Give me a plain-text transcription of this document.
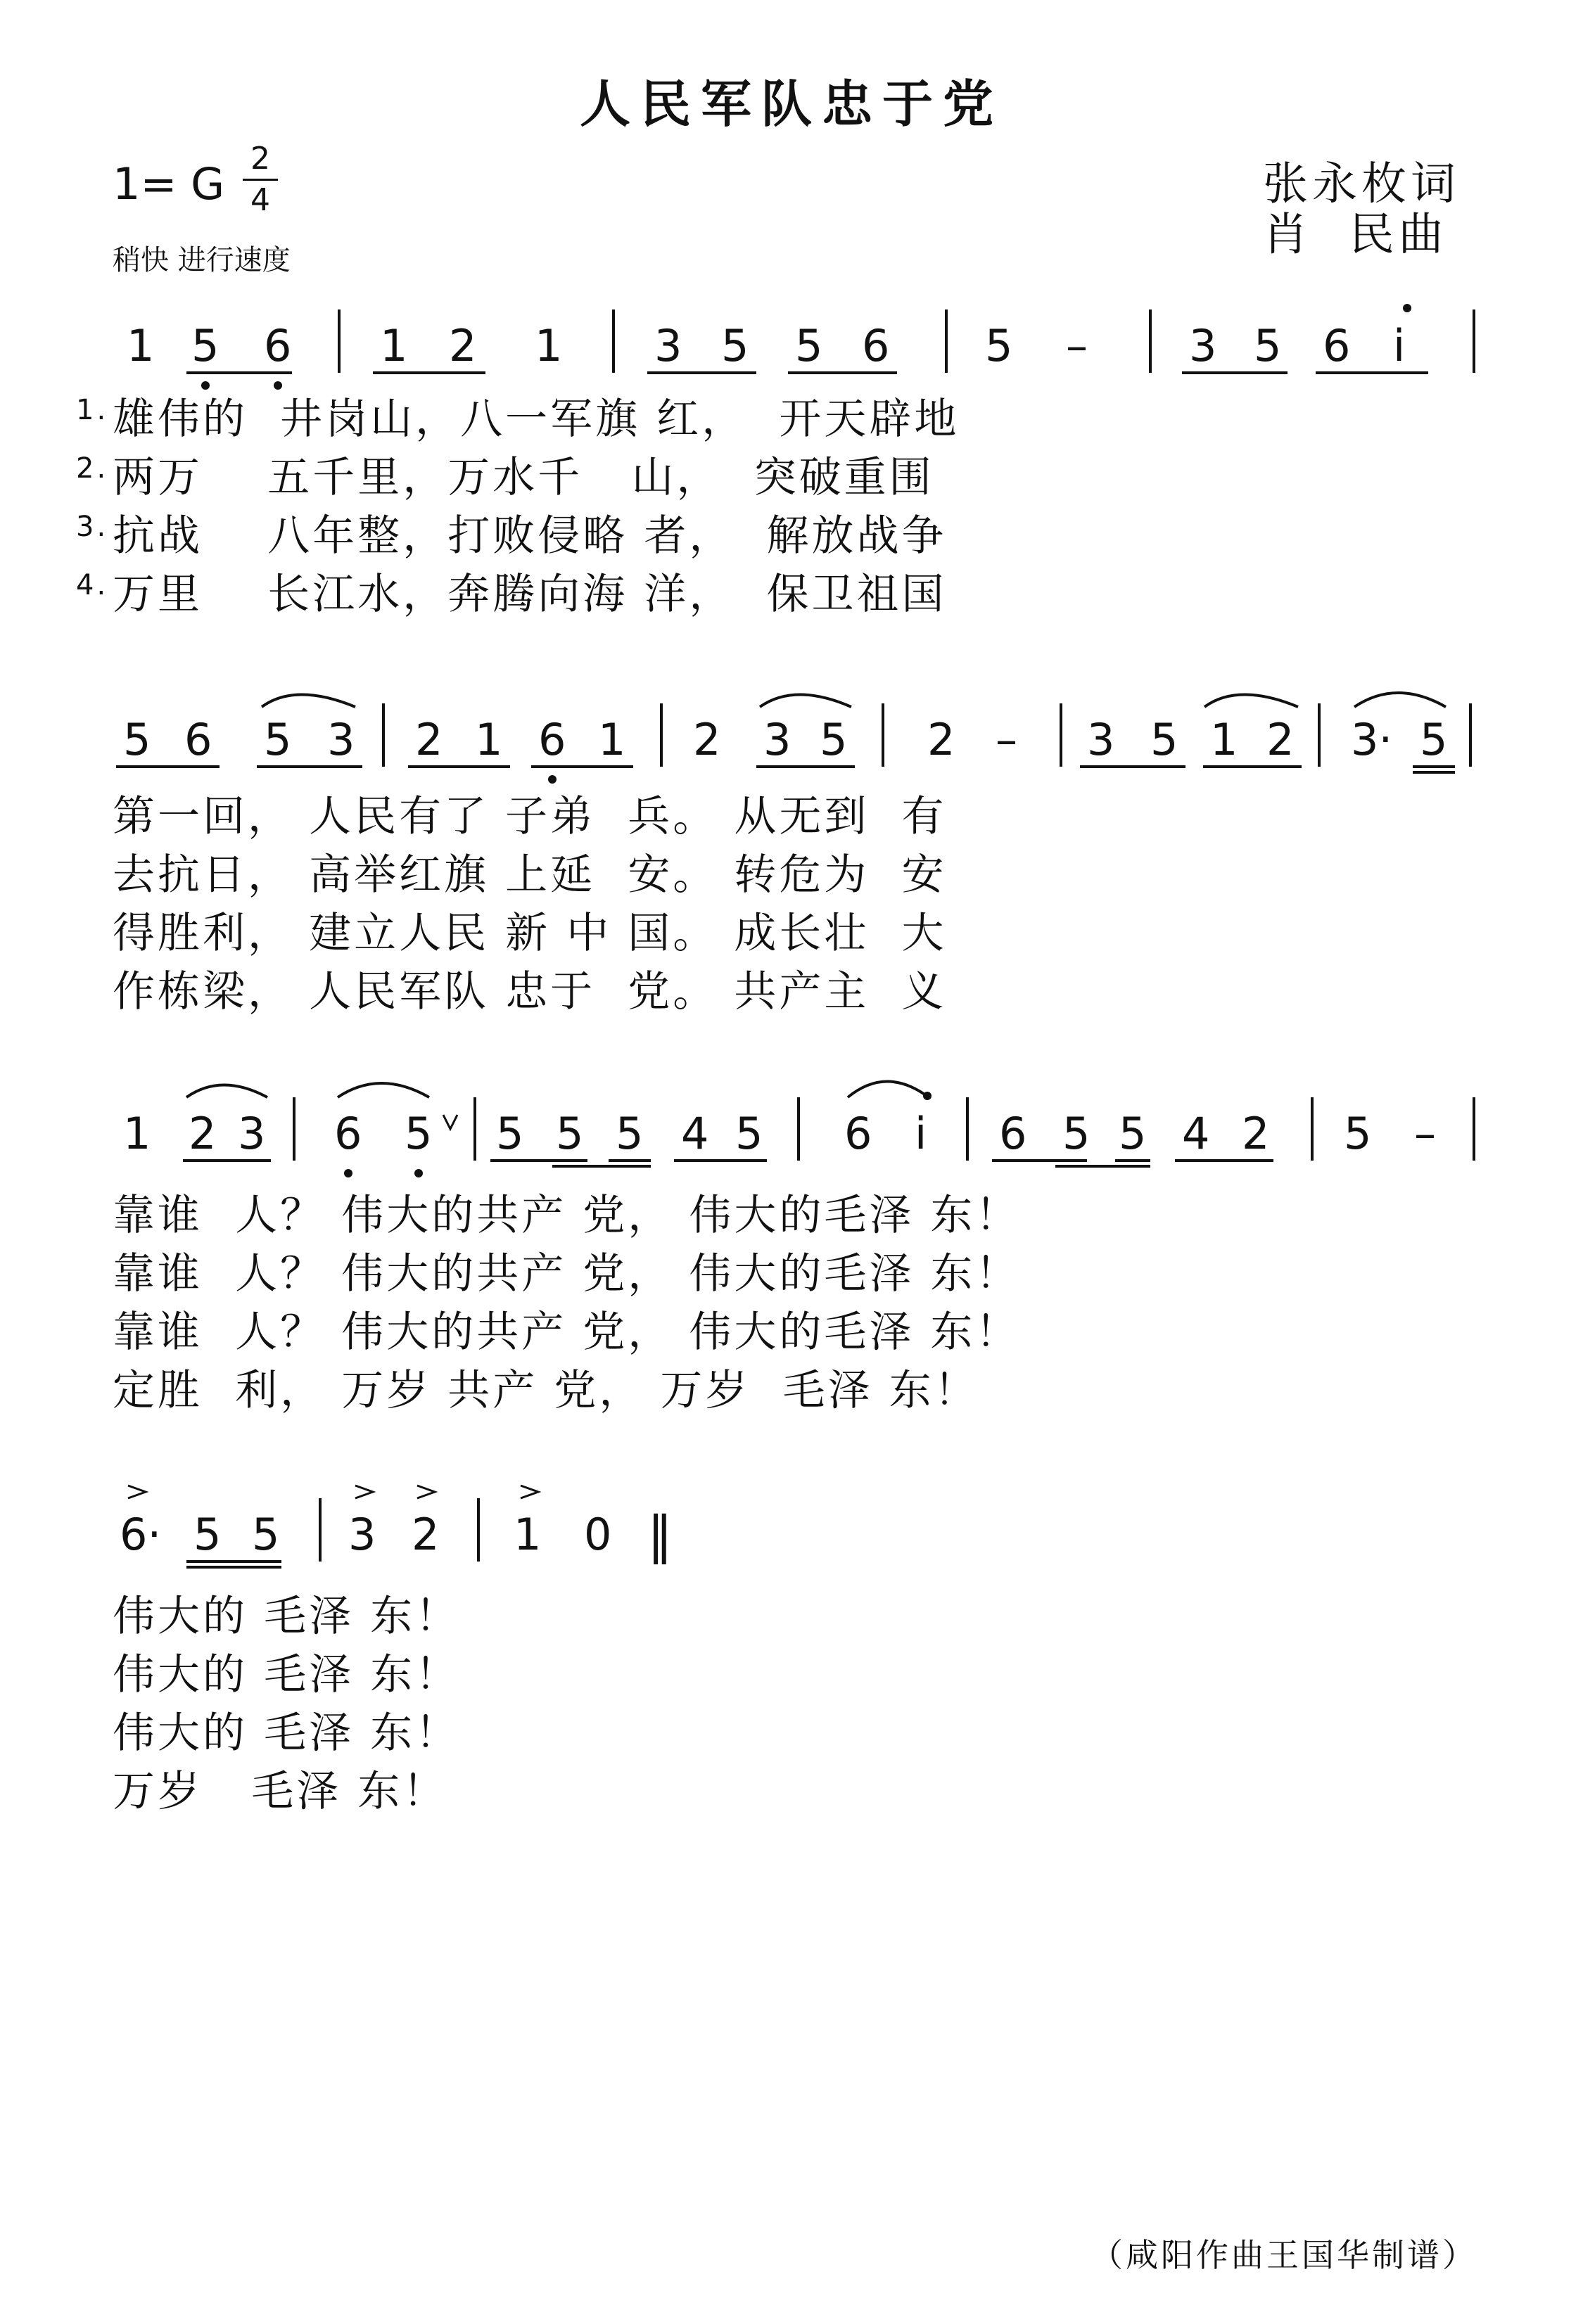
人民军队忠于党
1= G 2
4
稍快 进行速度
张永枚词
肖  民曲
1 5 6 1 2 1 3 5 5 6 5 – 3 5 6 i
1. 雄伟的  井岗山，八一军旗 红，  开天辟地
2. 两万    五千里，万水千   山，  突破重围
3. 抗战    八年整，打败侵略 者，  解放战争
4. 万里    长江水，奔腾向海 洋，  保卫祖国
5 6 5 3 2 1 6 1 2 3 5 2 – 3 5 1 2 3· 5
第一回， 人民有了 子弟  兵。 从无到  有
去抗日， 高举红旗 上延  安。 转危为  安
得胜利， 建立人民 新 中 国。 成长壮  大
作栋梁， 人民军队 忠于  党。 共产主  义
1 2 3 6 5 5 5 5 4 5 6 i 6 5 5 4 2 5 –
靠谁  人？ 伟大的共产 党， 伟大的毛泽 东！
靠谁  人？ 伟大的共产 党， 伟大的毛泽 东！
靠谁  人？ 伟大的共产 党， 伟大的毛泽 东！
定胜  利， 万岁 共产 党， 万岁  毛泽 东！
6· 5 5 3 2 1 0 ‖
伟大的 毛泽 东！
伟大的 毛泽 东！
伟大的 毛泽 东！
万岁   毛泽 东！
（咸阳作曲王国华制谱）
